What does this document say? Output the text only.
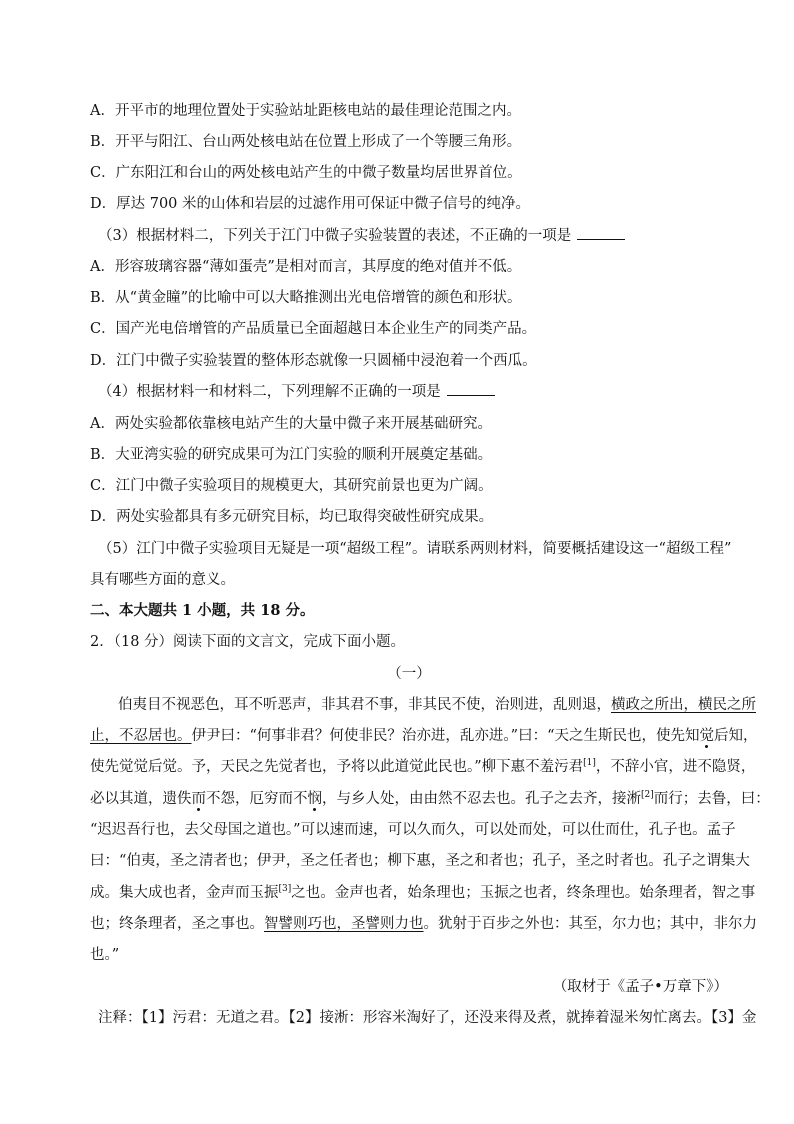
A．开平市的地理位置处于实验站址距核电站的最佳理论范围之内。
B．开平与阳江、台山两处核电站在位置上形成了一个等腰三角形。
C．广东阳江和台山的两处核电站产生的中微子数量均居世界首位。
D．厚达 700 米的山体和岩层的过滤作用可保证中微子信号的纯净。
（3）根据材料二，下列关于江门中微子实验装置的表述，不正确的一项是
A．形容玻璃容器“薄如蛋壳”是相对而言，其厚度的绝对值并不低。
B．从“黄金瞳”的比喻中可以大略推测出光电倍增管的颜色和形状。
C．国产光电倍增管的产品质量已全面超越日本企业生产的同类产品。
D．江门中微子实验装置的整体形态就像一只圆桶中浸泡着一个西瓜。
（4）根据材料一和材料二，下列理解不正确的一项是
A．两处实验都依靠核电站产生的大量中微子来开展基础研究。
B．大亚湾实验的研究成果可为江门实验的顺利开展奠定基础。
C．江门中微子实验项目的规模更大，其研究前景也更为广阔。
D．两处实验都具有多元研究目标，均已取得突破性研究成果。
（5）江门中微子实验项目无疑是一项“超级工程”。请联系两则材料，简要概括建设这一“超级工程”
具有哪些方面的意义。
二、本大题共 1 小题，共 18 分。
2．（18 分）阅读下面的文言文，完成下面小题。
（一）
伯夷目不视恶色，耳不听恶声，非其君不事，非其民不使，治则进，乱则退，横政之所出，横民之所
止，不忍居也。伊尹曰：“何事非君？何使非民？治亦进，乱亦进。”曰：“天之生斯民也，使先知觉后知，
使先觉觉后觉。予，天民之先觉者也，予将以此道觉此民也。”柳下惠不羞污君[1]，不辞小官，进不隐贤，
必以其道，遗佚而不怨，厄穷而不悯，与乡人处，由由然不忍去也。孔子之去齐，接淅[2]而行；去鲁，曰：
“迟迟吾行也，去父母国之道也。”可以速而速，可以久而久，可以处而处，可以仕而仕，孔子也。孟子
曰：“伯夷，圣之清者也；伊尹，圣之任者也；柳下惠，圣之和者也；孔子，圣之时者也。孔子之谓集大
成。集大成也者，金声而玉振[3]之也。金声也者，始条理也；玉振之也者，终条理也。始条理者，智之事
也；终条理者，圣之事也。智譬则巧也，圣譬则力也。犹射于百步之外也：其至，尔力也；其中，非尔力
也。”
（取材于《孟子•万章下》）
注释：【1】污君：无道之君。【2】接淅：形容米淘好了，还没来得及煮，就捧着湿米匆忙离去。【3】金
